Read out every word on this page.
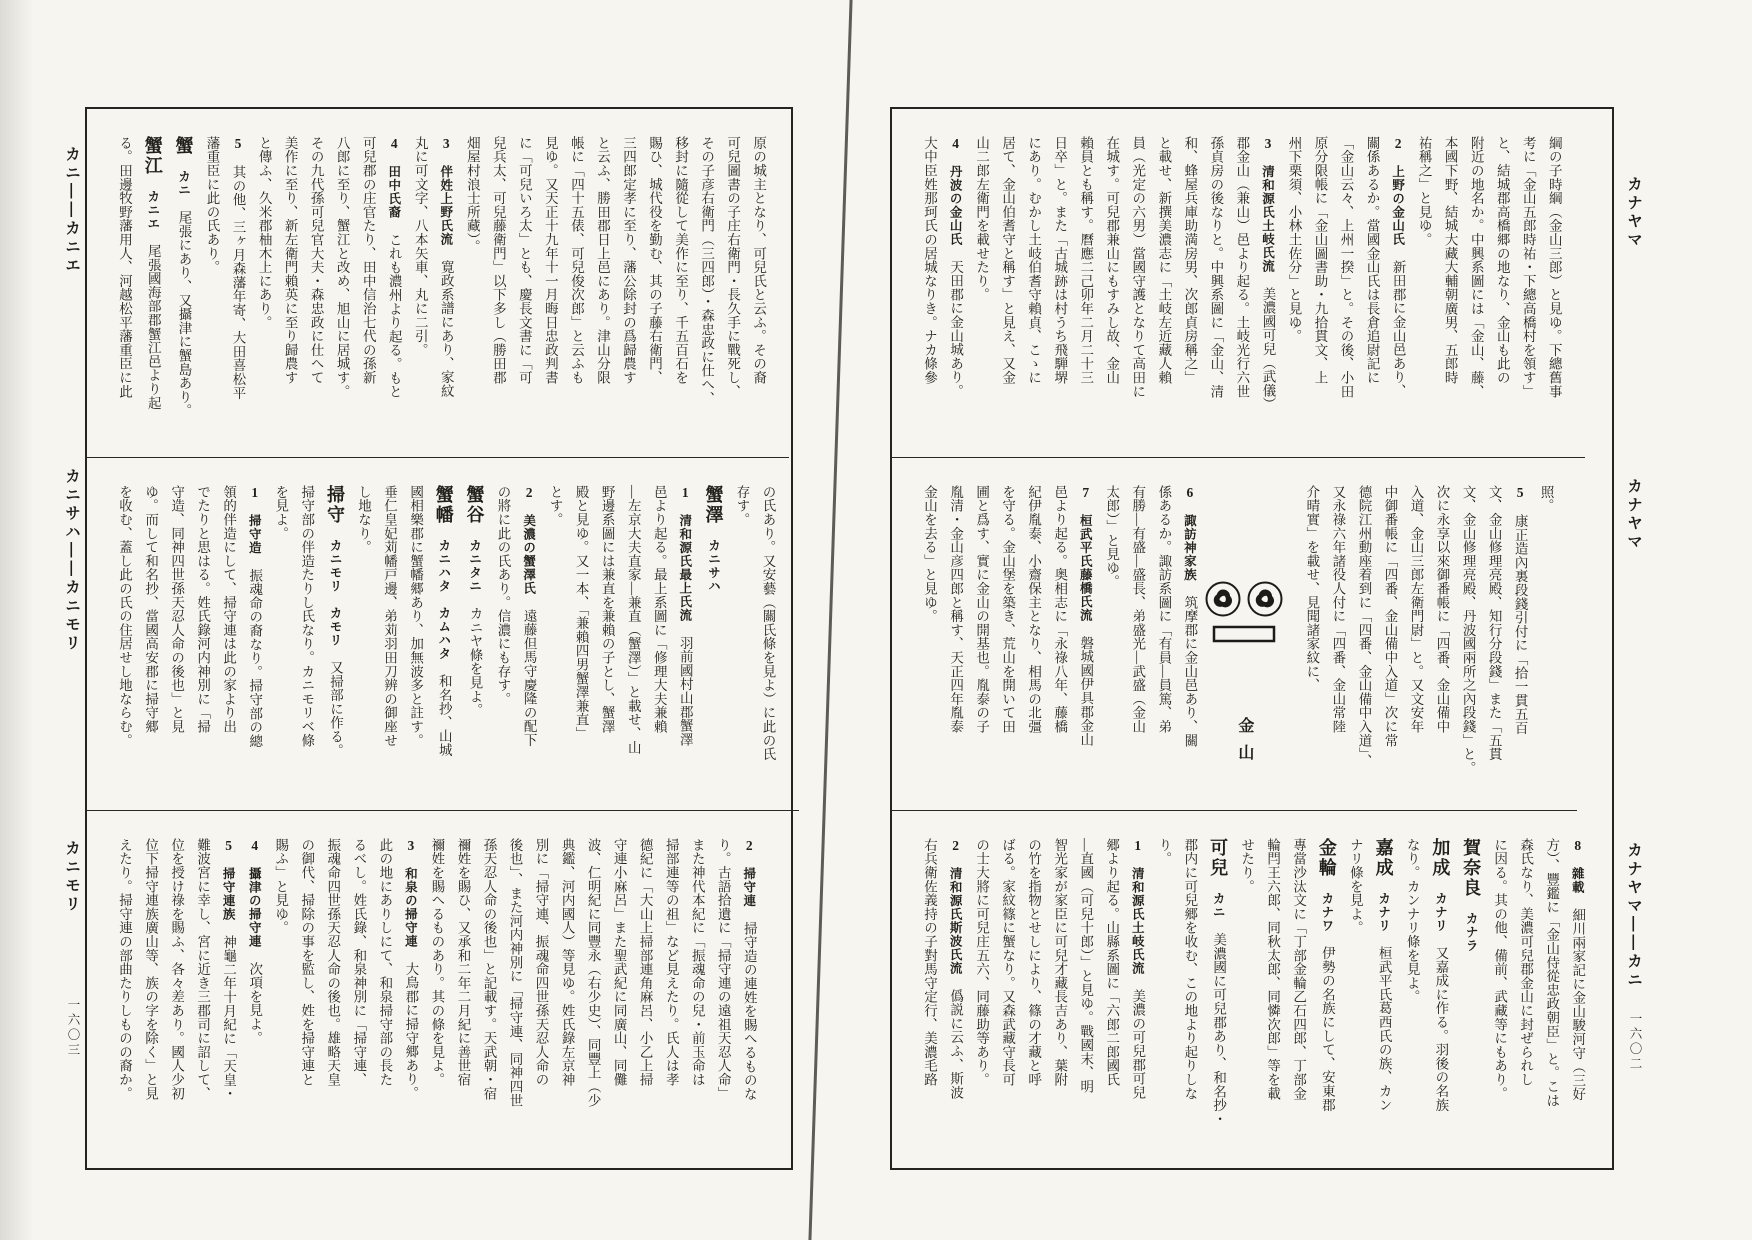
原の城主となり、可兒氏と云ふ。その裔
可兒圖書の子庄右衛門・長久手に戰死し、
その子彦右衛門（三四郎）・森忠政に仕へ、
移封に隨從して美作に至り、千五百石を
賜ひ、城代役を勤む、其の子藤右衛門、
三四郎定孝に至り、藩公除封の爲歸農す
と云ふ、勝田郡日上邑にあり。津山分限
帳に「四十五俵、可兒俊次郎」と云ふも
見ゆ。又天正十九年十一月晦日忠政判書
に「可兒いろ太」とも、慶長文書に「可
兒兵太、可兒藤衛門」以下多し（勝田郡
畑屋村浪士所藏）。
3　伴姓上野氏流　寛政系譜にあり、家紋
丸に可文字、八本矢車、丸に二引。
4　田中氏裔　これも濃州より起る。もと
可兒郡の庄官たり、田中信治七代の孫新
八郎に至り、蟹江と改め、旭山に居城す。
その九代孫可兒官大夫・森忠政に仕へて
美作に至り、新左衛門賴英に至り歸農す
と傳ふ、久米郡柚木上にあり。
5　其の他、三ヶ月森藩年寄、大田喜松平
藩重臣に此の氏あり。
蟹　カニ　尾張にあり、又攝津に蟹島あり。
蟹江　カニエ　尾張國海部郡蟹江邑より起
る。田邊牧野藩用人、河越松平藩重臣に此
の氏あり。又安藝（關氏條を見よ）に此の氏
存す。
蟹澤　カニサハ
1　清和源氏最上氏流　羽前國村山郡蟹澤
邑より起る。最上系圖に「修理大夫兼賴
―左京大夫直家―兼直（蟹澤）」と載せ、山
野邊系圖には兼直を兼賴の子とし、蟹澤
殿と見ゆ。又一本、「兼賴四男蟹澤兼直」
とす。
2　美濃の蟹澤氏　遠藤但馬守慶隆の配下
の將に此の氏あり。信濃にも存す。
蟹谷　カニタニ　カニヤ條を見よ。
蟹幡　カニハタ　カムハタ　和名抄、山城
國相樂郡に蟹幡郷あり、加無波多と註す。
垂仁皇妃苅幡戸邊、弟苅羽田刀辨の御座せ
し地なり。
掃守　カニモリ　カモリ　又掃部に作る。
掃守部の伴造たりし氏なり。カニモリベ條
を見よ。
1　掃守造　振魂命の裔なり。掃守部の總
領的伴造にして、掃守連は此の家より出
でたりと思はる。姓氏錄河内神別に「掃
守造、同神四世孫天忍人命の後也」と見
ゆ。而して和名抄、當國高安郡に掃守郷
を收む、蓋し此の氏の住居せし地ならむ。
2　掃守連　掃守造の連姓を賜へるものな
り。古語拾遺に「掃守連の遠祖天忍人命」
また神代本紀に「振魂命の兒・前玉命は
掃部連等の祖」など見えたり。氏人は孝
德紀に「大山上掃部連角麻呂、小乙上掃
守連小麻呂」また聖武紀に同廣山、同儺
波、仁明紀に同豐永（右少史）、同豐上（少
典鑑、河内國人）等見ゆ。姓氏錄左京神
別に「掃守連、振魂命四世孫天忍人命の
後也」、また河内神別に「掃守連、同神四世
孫天忍人命の後也」と記載す。天武朝・宿
禰姓を賜ひ、又承和二年二月紀に善世宿
禰姓を賜へるものあり。其の條を見よ。
3　和泉の掃守連　大鳥郡に掃守郷あり。
此の地にありしにて、和泉掃守部の長た
るべし。姓氏錄、和泉神別に「掃守連、
振魂命四世孫天忍人命の後也。雄略天皇
の御代、掃除の事を監し、姓を掃守連と
賜ふ」と見ゆ。
4　攝津の掃守連　次項を見よ。
5　掃守連族　神龜二年十月紀に「天皇・
難波宮に幸し、宮に近き三郡司に詔して、
位を授け祿を賜ふ、各々差あり。國人少初
位下掃守連族廣山等、族の字を除く」と見
えたり。掃守連の部曲たりしものの裔か。
綱の子時綱（金山三郎）と見ゆ。下總舊事
考に「金山五郎時祐・下總高橋村を領す」
と、結城郡高橋郷の地なり、金山も此の
附近の地名か。中興系圖には「金山、藤、
本國下野、結城大藏大輔朝廣男、五郎時
祐稱之」と見ゆ。
2　上野の金山氏　新田郡に金山邑あり、
關係あるか。當國金山氏は長倉追尉記に
「金山云々、上州一揆」と。その後、小田
原分限帳に「金山圖書助・九拾貫文、上
州下栗須、小林土佐分」と見ゆ。
3　清和源氏土岐氏流　美濃國可兒（武儀）
郡金山（兼山）邑より起る。土岐光行六世
孫貞房の後なりと。中興系圖に「金山、清
和、蜂屋兵庫助満房男、次郎貞房稱之」
と載せ、新撰美濃志に「土岐左近藏人賴
員（光定の六男）當國守護となりて高田に
在城す。可兒郡兼山にもすみし故、金山
賴員とも稱す。曆應二己卯年二月二十三
日卒」と。また「古城跡は村うち飛騨堺
にあり。むかし土岐伯耆守賴貞、こゝに
居て、金山伯耆守と稱す」と見え、又金
山二郎左衛門を載せたり。
4　丹波の金山氏　天田郡に金山城あり。
大中臣姓那珂氏の居城なりき。ナカ條參
照。
5　康正造內裏段錢引付に「拾一貫五百
文、金山修理亮殿、知行分段錢」また「五貫
文、金山修理亮殿、丹波國兩所之內段錢」と。
次に永享以來御番帳に「四番、金山備中
入道、金山三郎左衛門尉」と。又文安年
中御番帳に「四番、金山備中入道」次に常
德院江州動座着到に「四番、金山備中入道」、
又永祿六年諸役人付に「四番、金山常陸
介晴實」を載せ、見聞諸家紋に、
金山
6　諏訪神家族　筑摩郡に金山邑あり、關
係あるか。諏訪系圖に「有員―員篤、弟
有勝―有盛―盛長、弟盛光―武盛（金山
太郎）」と見ゆ。
7　桓武平氏藤橋氏流　磐城國伊具郡金山
邑より起る。奥相志に「永祿八年、藤橋
紀伊胤泰、小齋保主となり、相馬の北彊
を守る。金山堡を築き、荒山を開いて田
圃と爲す、實に金山の開基也。胤泰の子
胤清・金山彦四郎と稱す、天正四年胤泰
金山を去る」と見ゆ。
8　雜載　細川兩家記に金山駿河守（三好
方）、豐鑑に「金山侍從忠政朝臣」と。こは
森氏なり、美濃可兒郡金山に封ぜられし
に因る。其の他、備前、武藏等にもあり。
賀奈良　カナラ
加成　カナリ　又嘉成に作る。羽後の名族
なり。カンナリ條を見よ。
嘉成　カナリ　桓武平氏葛西氏の族、カン
ナリ條を見よ。
金輪　カナワ　伊勢の名族にして、安東郡
專當沙汰文に「丁部金輪乙石四郎、丁部金
輪閂王六郎、同秋太郎、同憐次郎」等を載
せたり。
可兒　カニ　美濃國に可兒郡あり、和名抄・
郡内に可兒郷を收む、この地より起りしな
り。
1　清和源氏土岐氏流　美濃の可兒郡可兒
郷より起る。山縣系圖に「六郎二郎國氏
―直國（可兒十郎）」と見ゆ。戰國末、明
智光家が家臣に可兒才藏長吉あり、葉附
の竹を指物とせしにより、篠の才藏と呼
ばる。家紋篠に蟹なり。又森武藏守長可
の士大將に可兒庄五六、同藤助等あり。
2　清和源氏斯波氏流　僞説に云ふ、斯波
右兵衛佐義持の子對馬守定行、美濃毛路
カニ――カニエ
カニサハ――カニモリ
カニモリ
一六〇三
カナヤマ
カナヤマ
カナヤマ――カニ
一六〇二
